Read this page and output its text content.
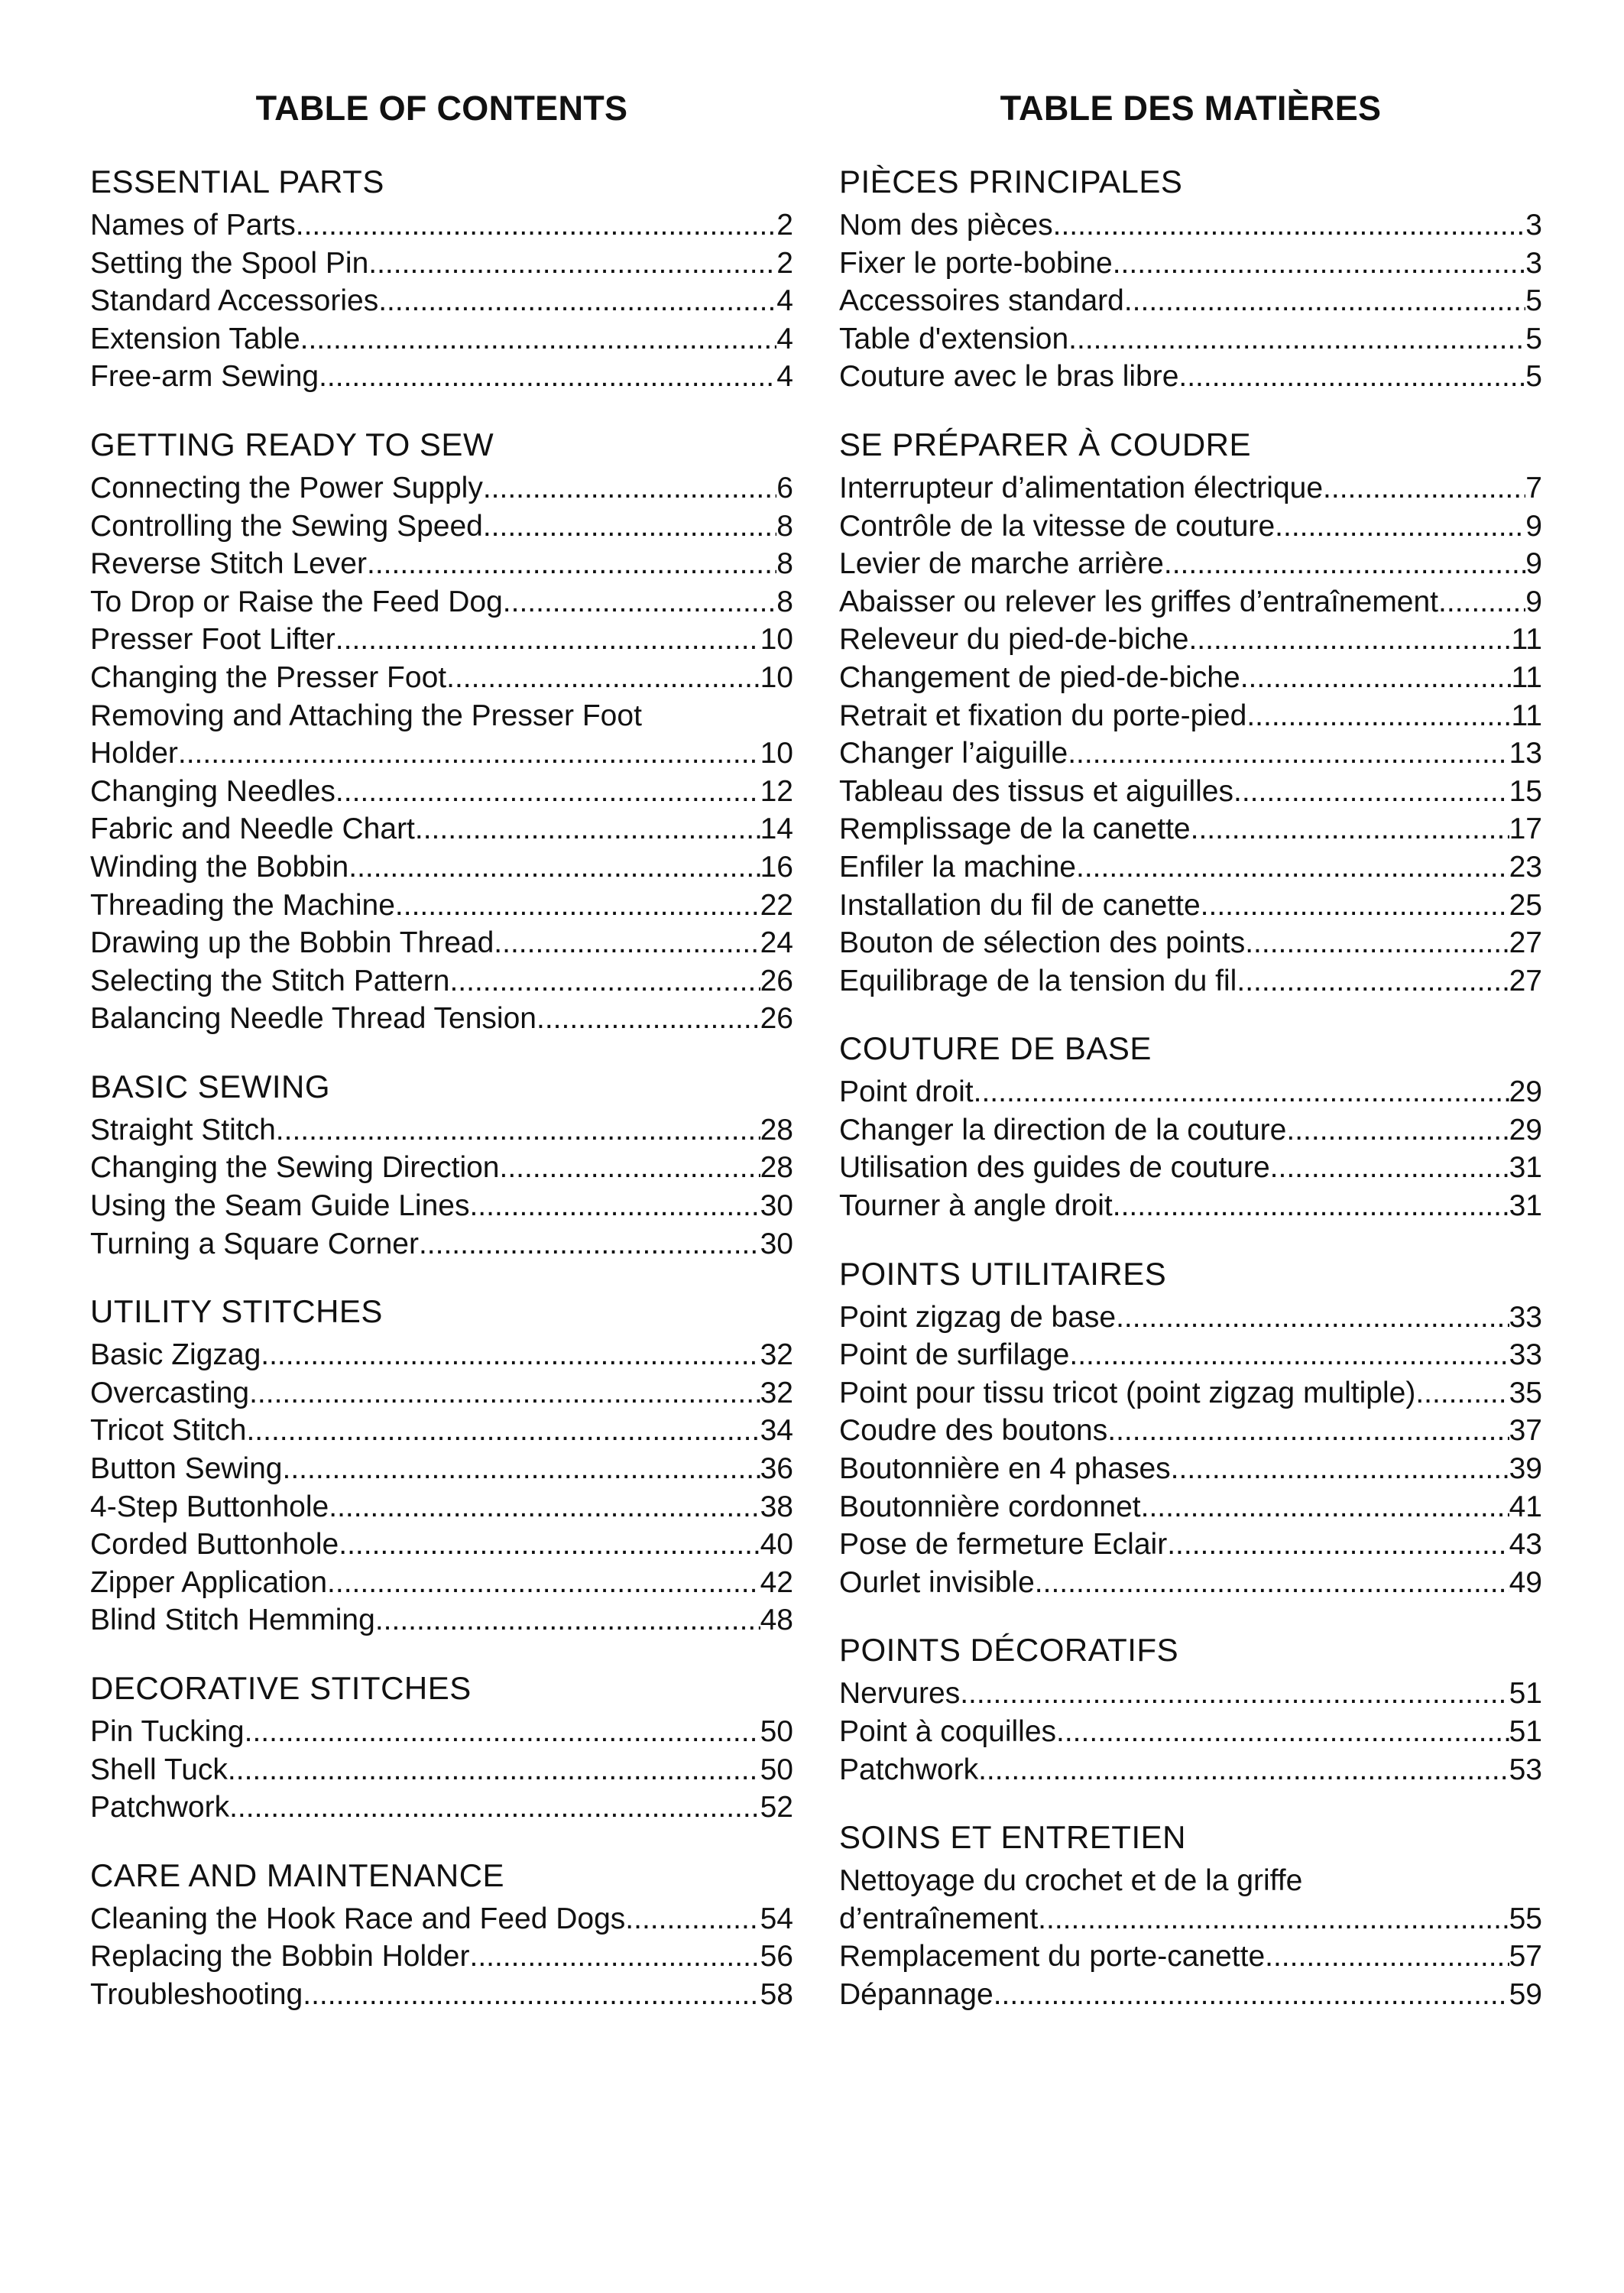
TABLE OF CONTENTS
ESSENTIAL PARTS
Names of Parts .....	2
Setting the Spool Pin .....	2
Standard Accessories .....	4
Extension Table .....	4
Free-arm Sewing .....	4
GETTING READY TO SEW
Connecting the Power Supply .....	6
Controlling the Sewing Speed .....	8
Reverse Stitch Lever .....	8
To Drop or Raise the Feed Dog .....	8
Presser Foot Lifter .....	10
Changing the Presser Foot .....	10
Removing and Attaching the Presser Foot
Holder .....	10
Changing Needles .....	12
Fabric and Needle Chart .....	14
Winding the Bobbin .....	16
Threading the Machine .....	22
Drawing up the Bobbin Thread .....	24
Selecting the Stitch Pattern .....	26
Balancing Needle Thread Tension .....	26
BASIC SEWING
Straight Stitch .....	28
Changing the Sewing Direction .....	28
Using the Seam Guide Lines .....	30
Turning a Square Corner .....	30
UTILITY STITCHES
Basic Zigzag .....	32
Overcasting .....	32
Tricot Stitch .....	34
Button Sewing .....	36
4-Step Buttonhole .....	38
Corded Buttonhole .....	40
Zipper Application .....	42
Blind Stitch Hemming .....	48
DECORATIVE STITCHES
Pin Tucking .....	50
Shell Tuck .....	50
Patchwork .....	52
CARE AND MAINTENANCE
Cleaning the Hook Race and Feed Dogs .....	54
Replacing the Bobbin Holder .....	56
Troubleshooting .....	58
TABLE DES MATIÈRES
PIÈCES PRINCIPALES
Nom des pièces .....	3
Fixer le porte-bobine .....	3
Accessoires standard .....	5
Table d'extension .....	5
Couture avec le bras libre .....	5
SE PRÉPARER À COUDRE
Interrupteur d’alimentation électrique .....	7
Contrôle de la vitesse de couture .....	9
Levier de marche arrière .....	9
Abaisser ou relever les griffes d’entraînement .....	9
Releveur du pied-de-biche .....	11
Changement de pied-de-biche .....	11
Retrait et fixation du porte-pied .....	11
Changer l’aiguille .....	13
Tableau des tissus et aiguilles .....	15
Remplissage de la canette .....	17
Enfiler la machine .....	23
Installation du fil de canette .....	25
Bouton de sélection des points .....	27
Equilibrage de la tension du fil .....	27
COUTURE DE BASE
Point droit .....	29
Changer la direction de la couture .....	29
Utilisation des guides de couture .....	31
Tourner à angle droit .....	31
POINTS UTILITAIRES
Point zigzag de base .....	33
Point de surfilage .....	33
Point pour tissu tricot (point zigzag multiple) .....	35
Coudre des boutons .....	37
Boutonnière en 4 phases .....	39
Boutonnière cordonnet .....	41
Pose de fermeture Eclair .....	43
Ourlet invisible .....	49
POINTS DÉCORATIFS
Nervures .....	51
Point à coquilles .....	51
Patchwork .....	53
SOINS ET ENTRETIEN
Nettoyage du crochet et de la griffe
d’entraînement .....	55
Remplacement du porte-canette .....	57
Dépannage .....	59
